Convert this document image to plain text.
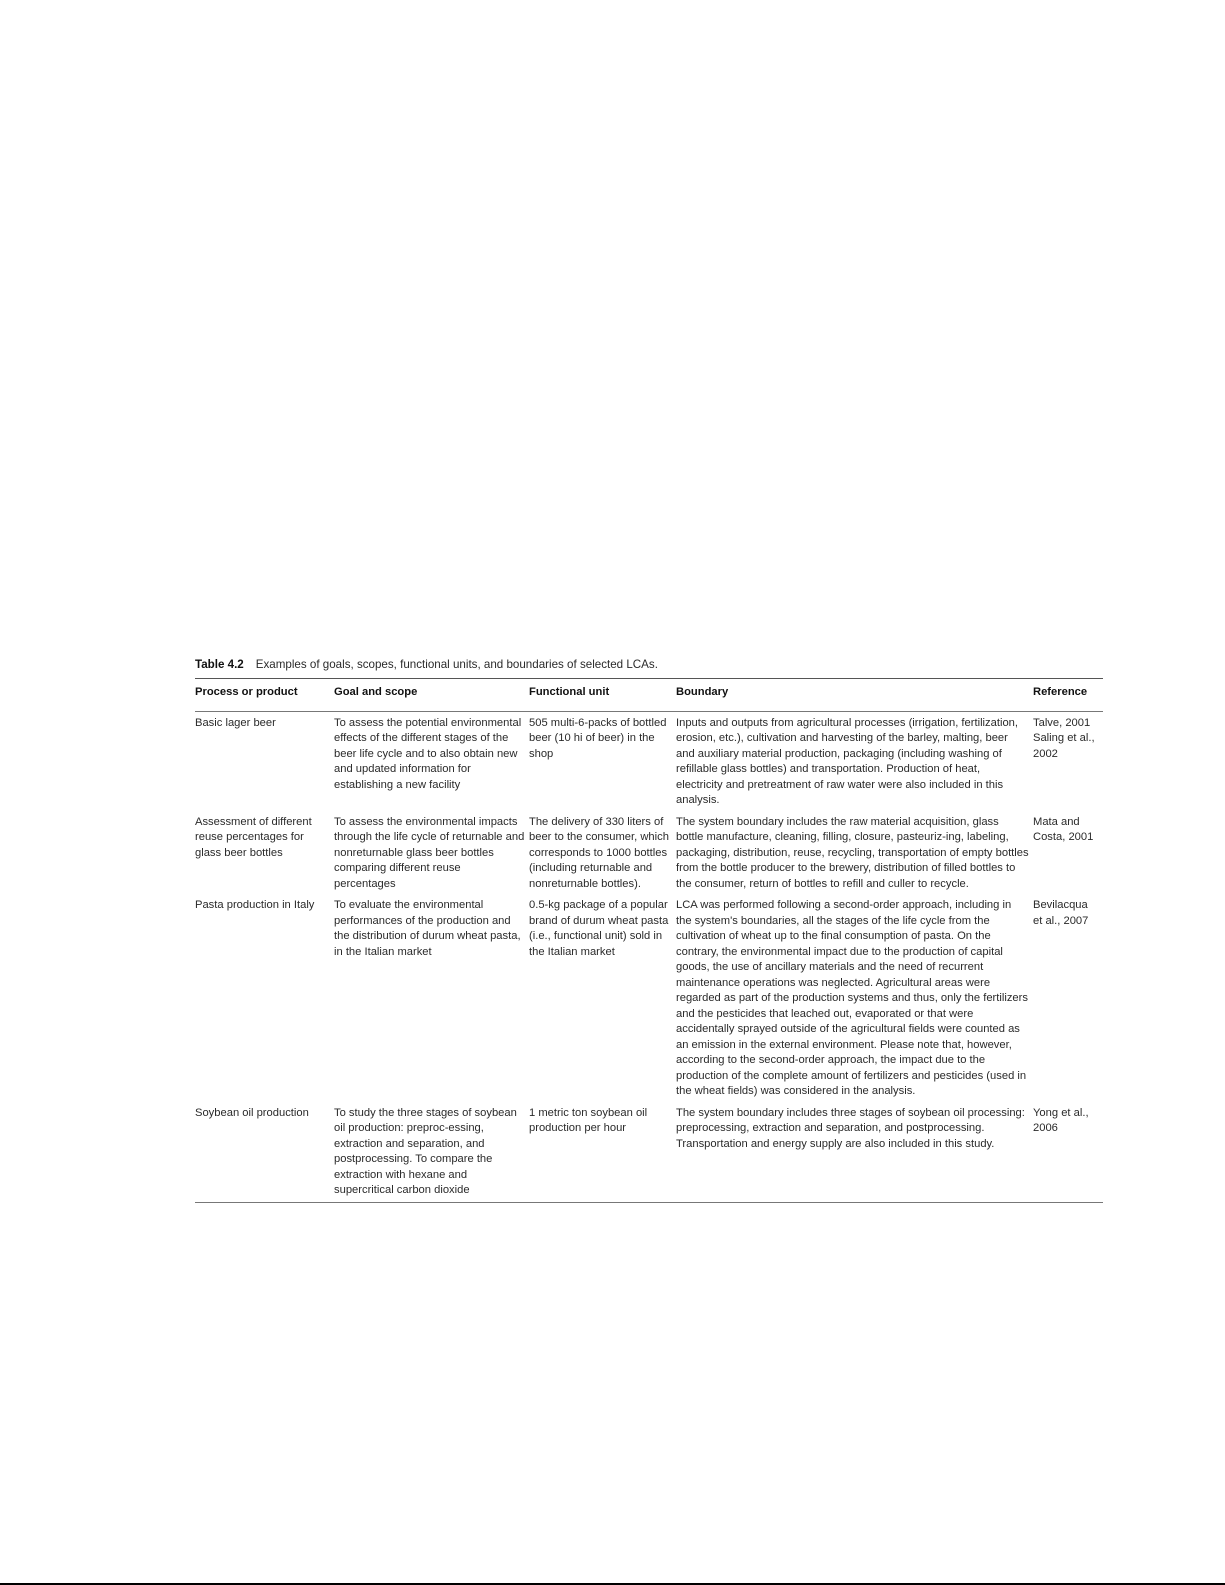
Table 4.2 Examples of goals, scopes, functional units, and boundaries of selected LCAs.
Process or product	Goal and scope	Functional unit	Boundary	Reference

Basic lager beer	To assess the potential environmental effects of the different stages of the beer life cycle and to also obtain new and updated information for establishing a new facility	505 multi-6-packs of bottled beer (10 hi of beer) in the shop	Inputs and outputs from agricultural processes (irrigation, fertilization, erosion, etc.), cultivation and harvesting of the barley, malting, beer and auxiliary material production, packaging (including washing of refillable glass bottles) and transportation. Production of heat, electricity and pretreatment of raw water were also included in this analysis.	Talve, 2001 Saling et al., 2002

Assessment of different reuse percentages for glass beer bottles	To assess the environmental impacts through the life cycle of returnable and nonreturnable glass beer bottles comparing different reuse percentages	The delivery of 330 liters of beer to the consumer, which corresponds to 1000 bottles (including returnable and nonreturnable bottles).	The system boundary includes the raw material acquisition, glass bottle manufacture, cleaning, filling, closure, pasteuriz-ing, labeling, packaging, distribution, reuse, recycling, transportation of empty bottles from the bottle producer to the brewery, distribution of filled bottles to the consumer, return of bottles to refill and culler to recycle.	Mata and Costa, 2001

Pasta production in Italy	To evaluate the environmental performances of the production and the distribution of durum wheat pasta, in the Italian market	0.5-kg package of a popular brand of durum wheat pasta (i.e., functional unit) sold in the Italian market	LCA was performed following a second-order approach, including in the system's boundaries, all the stages of the life cycle from the cultivation of wheat up to the final consumption of pasta. On the contrary, the environmental impact due to the production of capital goods, the use of ancillary materials and the need of recurrent maintenance operations was neglected. Agricultural areas were regarded as part of the production systems and thus, only the fertilizers and the pesticides that leached out, evaporated or that were accidentally sprayed outside of the agricultural fields were counted as an emission in the external environment. Please note that, however, according to the second-order approach, the impact due to the production of the complete amount of fertilizers and pesticides (used in the wheat fields) was considered in the analysis.	Bevilacqua et al., 2007

Soybean oil production	To study the three stages of soybean oil production: preproc-essing, extraction and separation, and postprocessing. To compare the extraction with hexane and supercritical carbon dioxide	1 metric ton soybean oil production per hour	The system boundary includes three stages of soybean oil processing: preprocessing, extraction and separation, and postprocessing. Transportation and energy supply are also included in this study.	Yong et al., 2006
